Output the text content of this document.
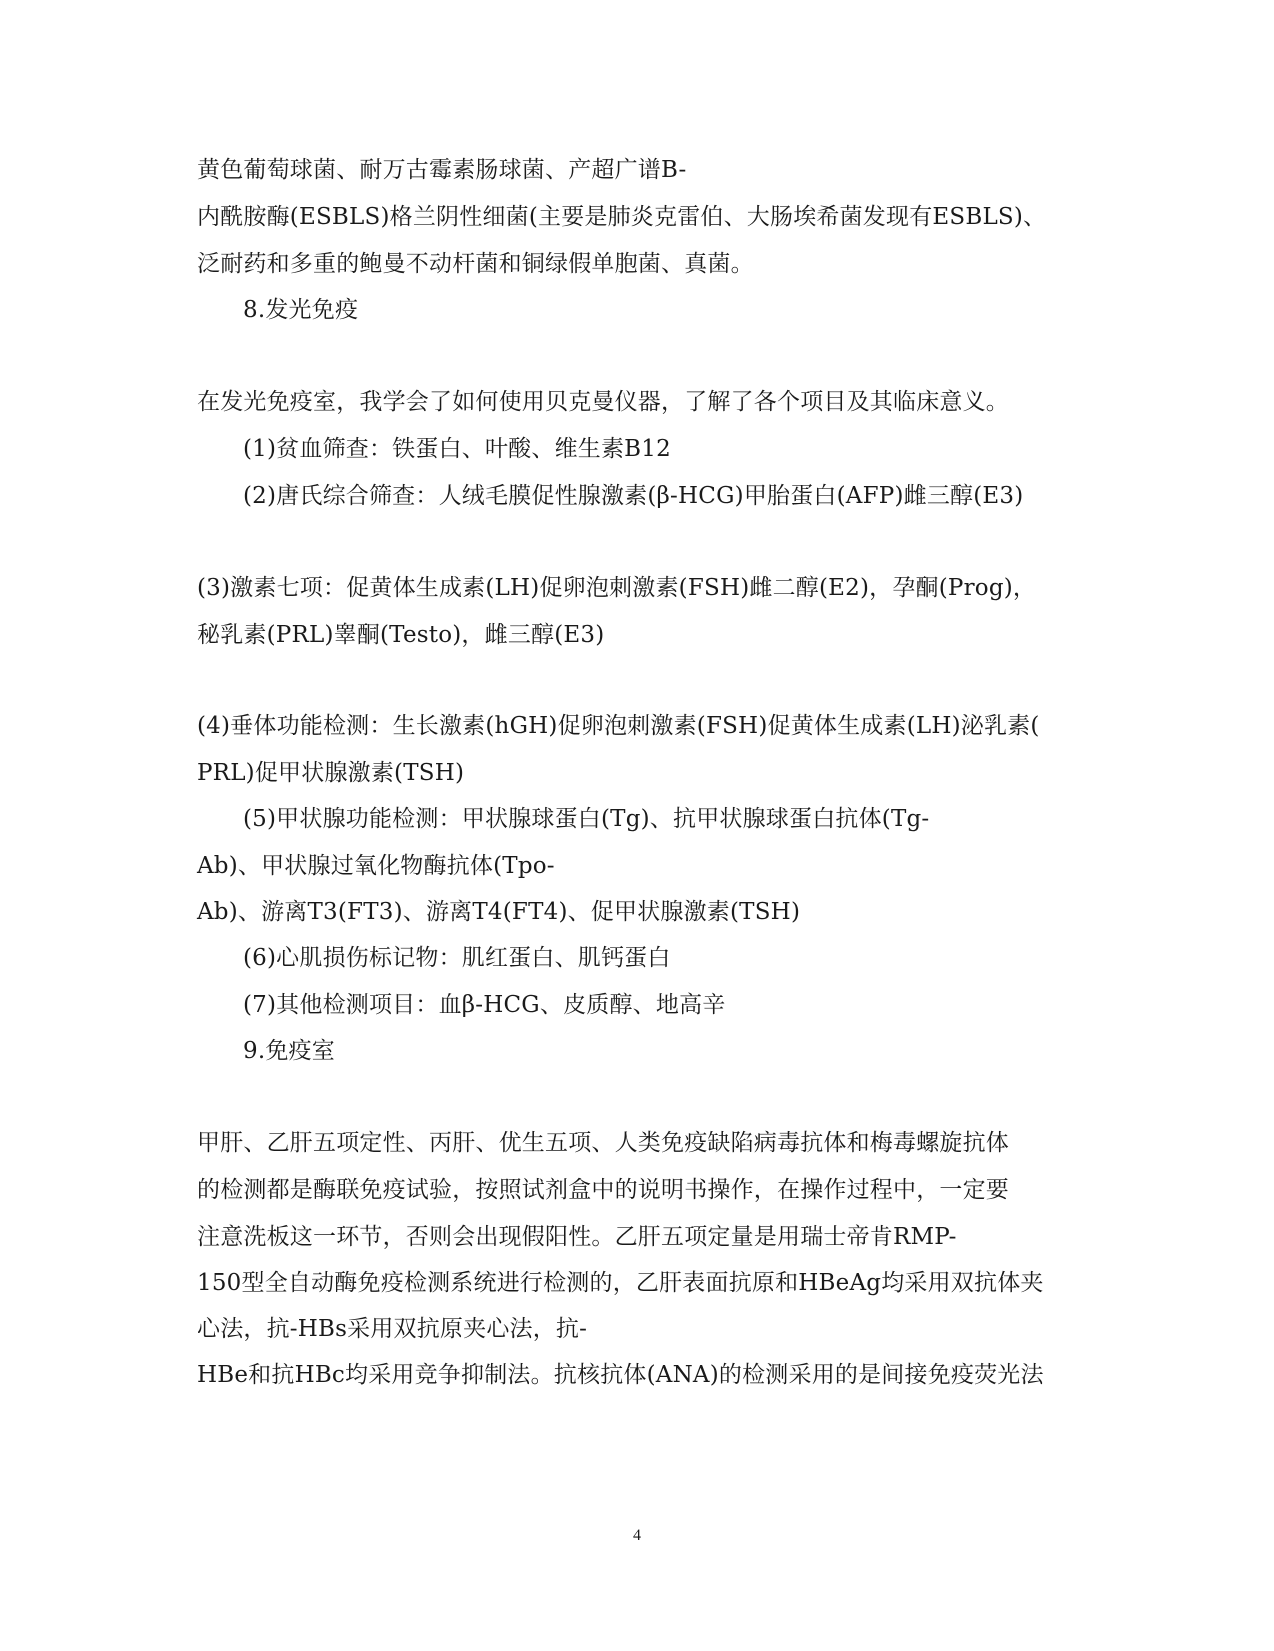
黄色葡萄球菌、耐万古霉素肠球菌、产超广谱B-
内酰胺酶(ESBLS)格兰阴性细菌(主要是肺炎克雷伯、大肠埃希菌发现有ESBLS)、
泛耐药和多重的鲍曼不动杆菌和铜绿假单胞菌、真菌。
8.发光免疫
在发光免疫室，我学会了如何使用贝克曼仪器，了解了各个项目及其临床意义。
(1)贫血筛查：铁蛋白、叶酸、维生素B12
(2)唐氏综合筛查：人绒毛膜促性腺激素(β-HCG)甲胎蛋白(AFP)雌三醇(E3)
(3)激素七项：促黄体生成素(LH)促卵泡刺激素(FSH)雌二醇(E2)，孕酮(Prog)，
秘乳素(PRL)睾酮(Testo)，雌三醇(E3)
(4)垂体功能检测：生长激素(hGH)促卵泡刺激素(FSH)促黄体生成素(LH)泌乳素(
PRL)促甲状腺激素(TSH)
(5)甲状腺功能检测：甲状腺球蛋白(Tg)、抗甲状腺球蛋白抗体(Tg-
Ab)、甲状腺过氧化物酶抗体(Tpo-
Ab)、游离T3(FT3)、游离T4(FT4)、促甲状腺激素(TSH)
(6)心肌损伤标记物：肌红蛋白、肌钙蛋白
(7)其他检测项目：血β-HCG、皮质醇、地高辛
9.免疫室
甲肝、乙肝五项定性、丙肝、优生五项、人类免疫缺陷病毒抗体和梅毒螺旋抗体
的检测都是酶联免疫试验，按照试剂盒中的说明书操作，在操作过程中，一定要
注意洗板这一环节，否则会出现假阳性。乙肝五项定量是用瑞士帝肯RMP-
150型全自动酶免疫检测系统进行检测的，乙肝表面抗原和HBeAg均采用双抗体夹
心法，抗-HBs采用双抗原夹心法，抗-
HBe和抗HBc均采用竞争抑制法。抗核抗体(ANA)的检测采用的是间接免疫荧光法
4
